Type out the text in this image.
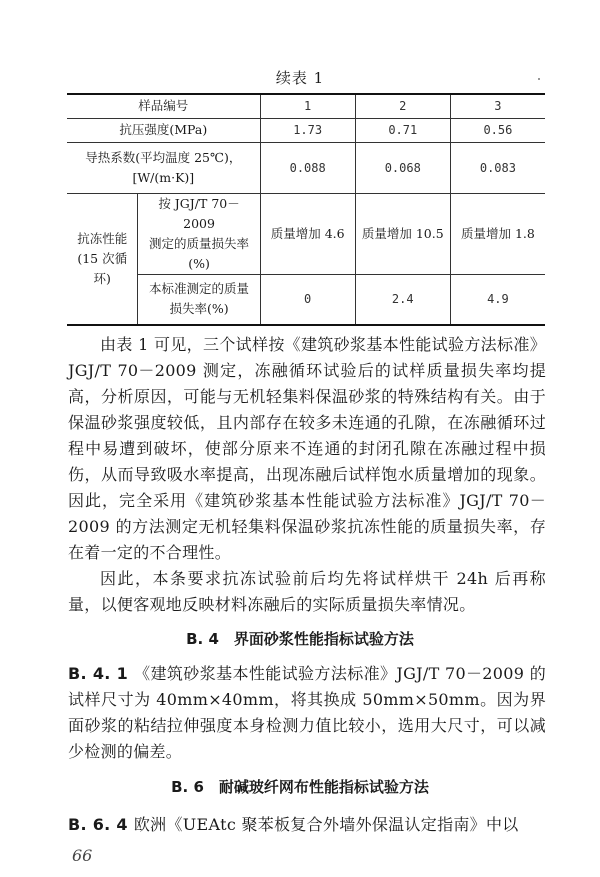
续表 1
样品编号		1	2	3
抗压强度(MPa)		1.73	0.71	0.56

导热系数(平均温度 25℃)，
[W/(m·K)]		0.088	0.068	0.083

抗冻性能
(15 次循环)	按 JGJ/T 70－2009
测定的质量损失率
(%)	质量增加 4.6	质量增加 10.5	质量增加 1.8

	本标准测定的质量
损失率(%)	0	2.4	4.9
由表 1 可见，三个试样按《建筑砂浆基本性能试验方法标准》JGJ/T 70－2009 测定，冻融循环试验后的试样质量损失率均提高，分析原因，可能与无机轻集料保温砂浆的特殊结构有关。由于保温砂浆强度较低，且内部存在较多未连通的孔隙，在冻融循环过程中易遭到破坏，使部分原来不连通的封闭孔隙在冻融过程中损伤，从而导致吸水率提高，出现冻融后试样饱水质量增加的现象。因此，完全采用《建筑砂浆基本性能试验方法标准》JGJ/T 70－2009 的方法测定无机轻集料保温砂浆抗冻性能的质量损失率，存在着一定的不合理性。
因此，本条要求抗冻试验前后均先将试样烘干 24h 后再称量，以便客观地反映材料冻融后的实际质量损失率情况。
B. 4　界面砂浆性能指标试验方法
B. 4. 1 《建筑砂浆基本性能试验方法标准》JGJ/T 70－2009 的试样尺寸为 40mm×40mm，将其换成 50mm×50mm。因为界面砂浆的粘结拉伸强度本身检测力值比较小，选用大尺寸，可以减少检测的偏差。
B. 6　耐碱玻纤网布性能指标试验方法
B. 6. 4 欧洲《UEAtc 聚苯板复合外墙外保温认定指南》中以
66
